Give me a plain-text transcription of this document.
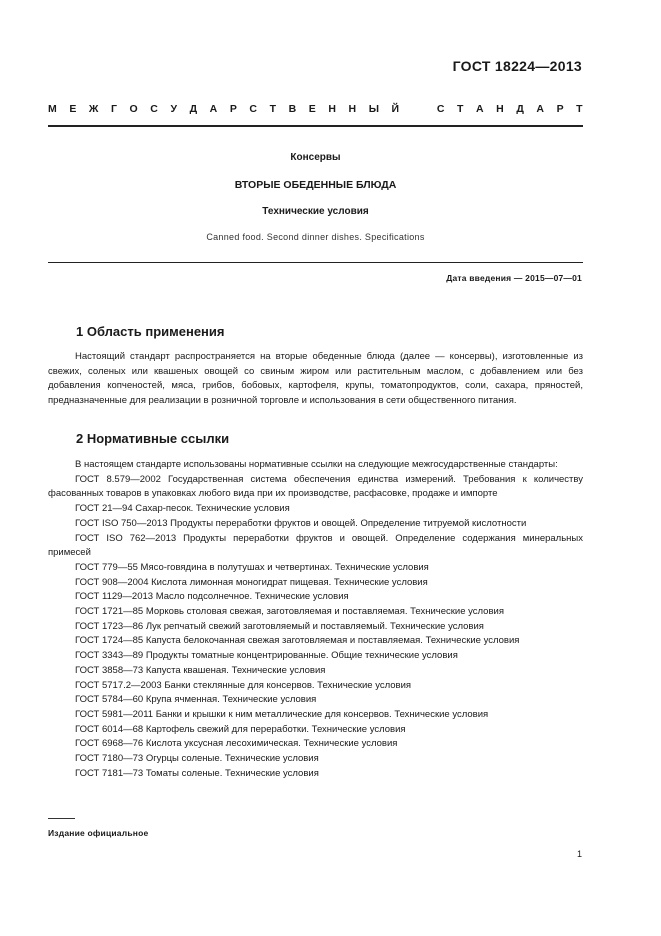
ГОСТ 18224—2013
М Е Ж Г О С У Д А Р С Т В Е Н Н Ы Й	С Т А Н Д А Р Т
Консервы
ВТОРЫЕ ОБЕДЕННЫЕ БЛЮДА
Технические условия
Canned food. Second dinner dishes. Specifications
Дата введения — 2015—07—01
1 Область применения
Настоящий стандарт распространяется на вторые обеденные блюда (далее — консервы), изготовленные из свежих, соленых или квашеных овощей со свиным жиром или растительным маслом, с добавлением или без добавления копченостей, мяса, грибов, бобовых, картофеля, крупы, томатопродуктов, соли, сахара, пряностей, предназначенные для реализации в розничной торговле и использования в сети общественного питания.
2 Нормативные ссылки
В настоящем стандарте использованы нормативные ссылки на следующие межгосударственные стандарты:
ГОСТ 8.579—2002 Государственная система обеспечения единства измерений. Требования к количеству фасованных товаров в упаковках любого вида при их производстве, расфасовке, продаже и импорте
ГОСТ 21—94 Сахар-песок. Технические условия
ГОСТ ISO 750—2013 Продукты переработки фруктов и овощей. Определение титруемой кислотности
ГОСТ ISO 762—2013 Продукты переработки фруктов и овощей. Определение содержания минеральных примесей
ГОСТ 779—55 Мясо-говядина в полутушах и четвертинах. Технические условия
ГОСТ 908—2004 Кислота лимонная моногидрат пищевая. Технические условия
ГОСТ 1129—2013 Масло подсолнечное. Технические условия
ГОСТ 1721—85 Морковь столовая свежая, заготовляемая и поставляемая. Технические условия
ГОСТ 1723—86 Лук репчатый свежий заготовляемый и поставляемый. Технические условия
ГОСТ 1724—85 Капуста белокочанная свежая заготовляемая и поставляемая. Технические условия
ГОСТ 3343—89 Продукты томатные концентрированные. Общие технические условия
ГОСТ 3858—73 Капуста квашеная. Технические условия
ГОСТ 5717.2—2003 Банки стеклянные для консервов. Технические условия
ГОСТ 5784—60 Крупа ячменная. Технические условия
ГОСТ 5981—2011 Банки и крышки к ним металлические для консервов. Технические условия
ГОСТ 6014—68 Картофель свежий для переработки. Технические условия
ГОСТ 6968—76 Кислота уксусная лесохимическая. Технические условия
ГОСТ 7180—73 Огурцы соленые. Технические условия
ГОСТ 7181—73 Томаты соленые. Технические условия
Издание официальное
1
